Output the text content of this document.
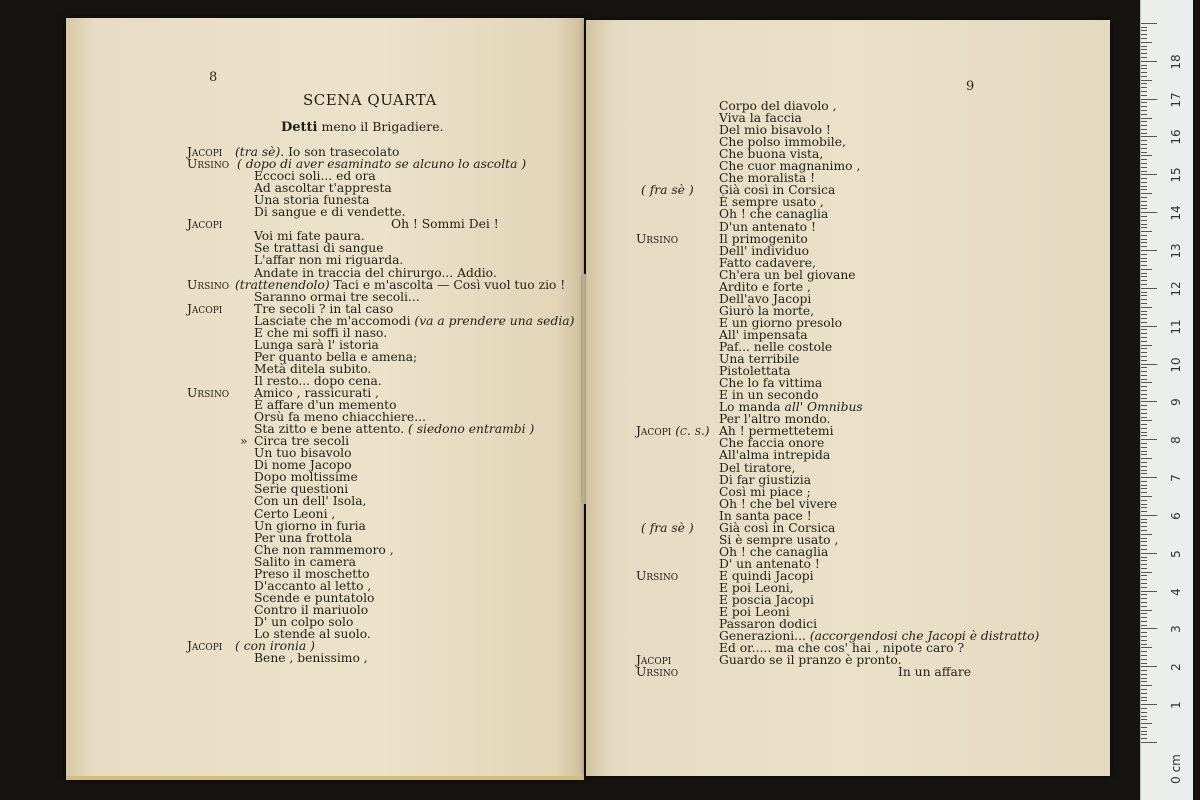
8
SCENA QUARTA
Detti meno il Brigadiere.
Jacopi (tra sè). Io son trasecolato
Ursino ( dopo di aver esaminato se alcuno lo ascolta )
Eccoci soli... ed ora
Ad ascoltar t'appresta
Una storia funesta
Di sangue e di vendette.
Jacopi	Oh ! Sommi Dei !
Voi mi fate paura.
Se trattasi di sangue
L'affar non mi riguarda.
Andate in traccia del chirurgo... Addio.
Ursino (trattenendolo) Taci e m'ascolta — Così vuol tuo zio !
Saranno ormai tre secoli...
Jacopi	Tre secoli ? in tal caso
Lasciate che m'accomodi (va a prendere una sedia)
E che mi soffi il naso.
Lunga sarà l' istoria
Per quanto bella e amena;
Metà ditela subito.
Il resto... dopo cena.
Ursino Amico , rassicurati ,
È affare d'un memento
Orsù fa meno chiacchiere...
Sta zitto e bene attento. ( siedono entrambi )
» Circa tre secoli
Un tuo bisavolo
Di nome Jacopo
Dopo moltissime
Serie questioni
Con un dell' Isola,
Certo Leoni ,
Un giorno in furia
Per una frottola
Che non rammemoro ,
Salito in camera
Preso il moschetto
D'accanto al letto ,
Scende e puntatolo
Contro il mariuolo
D' un colpo solo
Lo stende al suolo.
Jacopi ( con ironia )
Bene , benissimo ,
9
Corpo del diavolo ,
Viva la faccia
Del mio bisavolo !
Che polso immobile,
Che buona vista,
Che cuor magnanimo ,
Che moralista !
( fra sè ) Già così in Corsica
È sempre usato ,
Oh ! che canaglia
D'un antenato !
Ursino	Il primogenito
Dell' individuo
Fatto cadavere,
Ch'era un bel giovane
Ardito e forte ,
Dell'avo Jacopi
Giurò la morte,
E un giorno presolo
All' impensata
Paf... nelle costole
Una terribile
Pistolettata
Che lo fa vittima
E in un secondo
Lo manda all' Omnibus
Per l'altro mondo.
Jacopi (c. s.) Ah ! permettetemi
Che faccia onore
All'alma intrepida
Del tiratore,
Di far giustizia
Così mi piace ;
Oh ! che bel vivere
In santa pace !
( fra sè ) Già così in Corsica
Si è sempre usato ,
Oh ! che canaglia
D' un antenato !
Ursino	E quindi Jacopi
E poi Leoni,
E poscia Jacopi
E poi Leoni
Passaron dodici
Generazioni... (accorgendosi che Jacopi è distratto)
Ed or..... ma che cos' hai , nipote caro ?
Jacopi	Guardo se il pranzo è pronto.
Ursino	In un affare
0 cm
1
2
3
4
5
6
7
8
9
10
11
12
13
14
15
16
17
18
